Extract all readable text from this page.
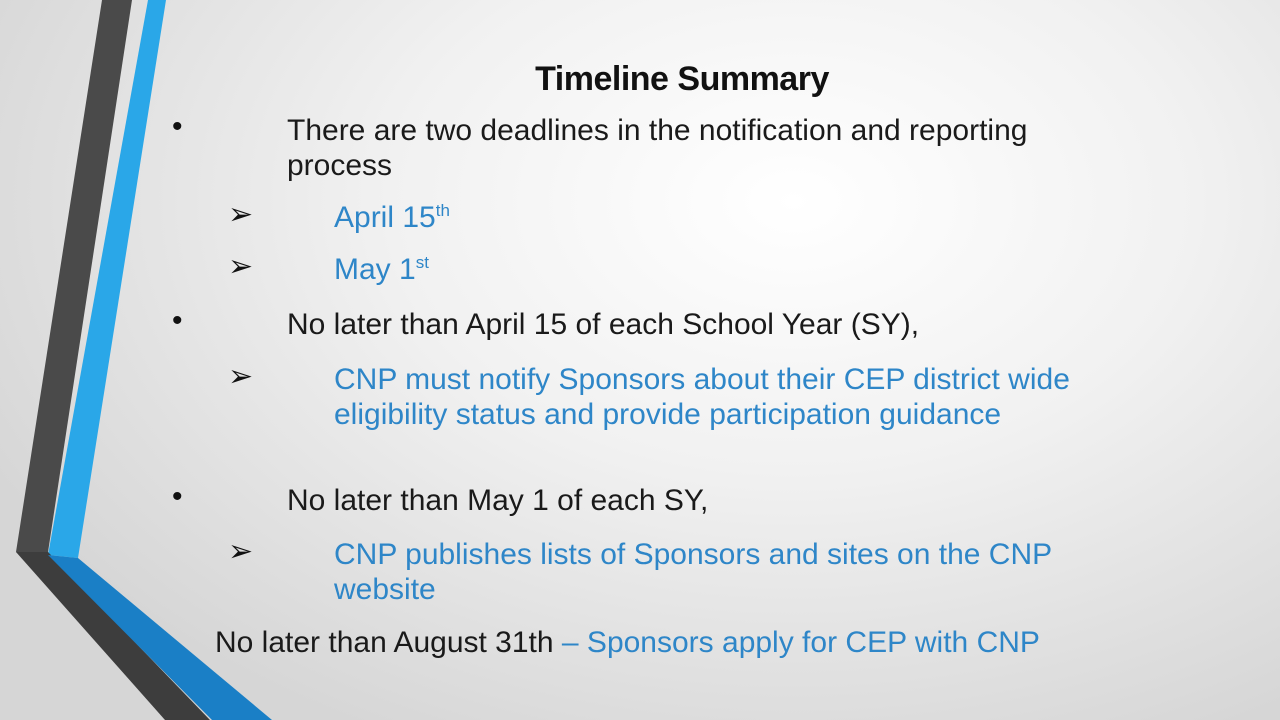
Timeline Summary
•	There are two deadlines in the notification and reporting
process
➢	April 15th
➢	May 1st
•	No later than April 15 of each School Year (SY),
➢	CNP must notify Sponsors about their CEP district wide
eligibility status and provide participation guidance
•	No later than May 1 of each SY,
➢	CNP publishes lists of Sponsors and sites on the CNP
website
No later than August 31th – Sponsors apply for CEP with CNP
